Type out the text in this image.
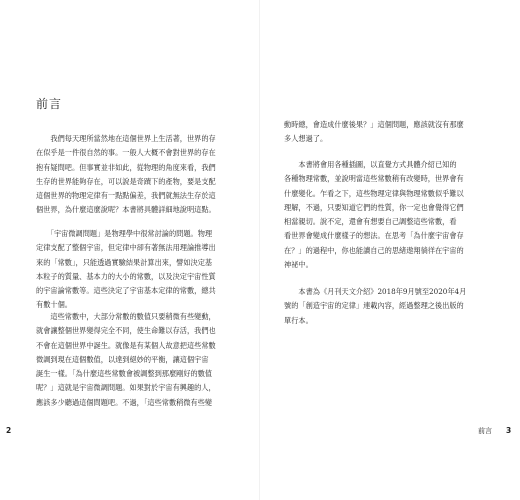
前言
　　我們每天理所當然地在這個世界上生活著，世界的存
在似乎是一件很自然的事。一般人大概不會對世界的存在
抱有疑問吧。但事實並非如此，從物理的角度來看，我們
生存的世界能夠存在，可以說是奇蹟下的產物，要是支配
這個世界的物理定律有一點點偏差，我們就無法生存於這
個世界，為什麼這麼說呢？本書將具體詳細地說明這點。
　　「宇宙微調問題」是物理學中很常討論的問題。物理
定律支配了整個宇宙，但定律中卻有著無法用理論推導出
來的「常數」，只能透過實驗結果計算出來，譬如決定基
本粒子的質量、基本力的大小的常數，以及決定宇宙性質
的宇宙論常數等。這些決定了宇宙基本定律的常數，總共
有數十個。
　　這些常數中，大部分常數的數值只要稍微有些變動，
就會讓整個世界變得完全不同，使生命難以存活，我們也
不會在這個世界中誕生。就像是有某個人故意把這些常數
微調到現在這個數值，以達到絕妙的平衡，讓這個宇宙
誕生一樣。「為什麼這些常數會被調整到那麼剛好的數值
呢？」這就是宇宙微調問題。如果對於宇宙有興趣的人，
應該多少聽過這個問題吧。不過，「這些常數稍微有些變
2
動時總，會造成什麼後果？」這個問題，應該就沒有那麼
多人想過了。
　　本書將會用各種插圖，以直覺方式具體介紹已知的
各種物理常數，並說明當這些常數稍有改變時，世界會有
什麼變化。乍看之下，這些物理定律與物理常數似乎難以
理解，不過，只要知道它們的性質，你一定也會覺得它們
相當親切。說不定，還會有想要自己調整這些常數，看
看世界會變成什麼樣子的想法。在思考「為什麼宇宙會存
在？」的過程中，你也能讀自己的思緒遨翔徜徉在宇宙的
神祕中。
　　本書為《月刊天文介紹》2018年9月號至2020年4月
號的「創造宇宙的定律」連載內容，經過整理之後出版的
單行本。
前言 3
